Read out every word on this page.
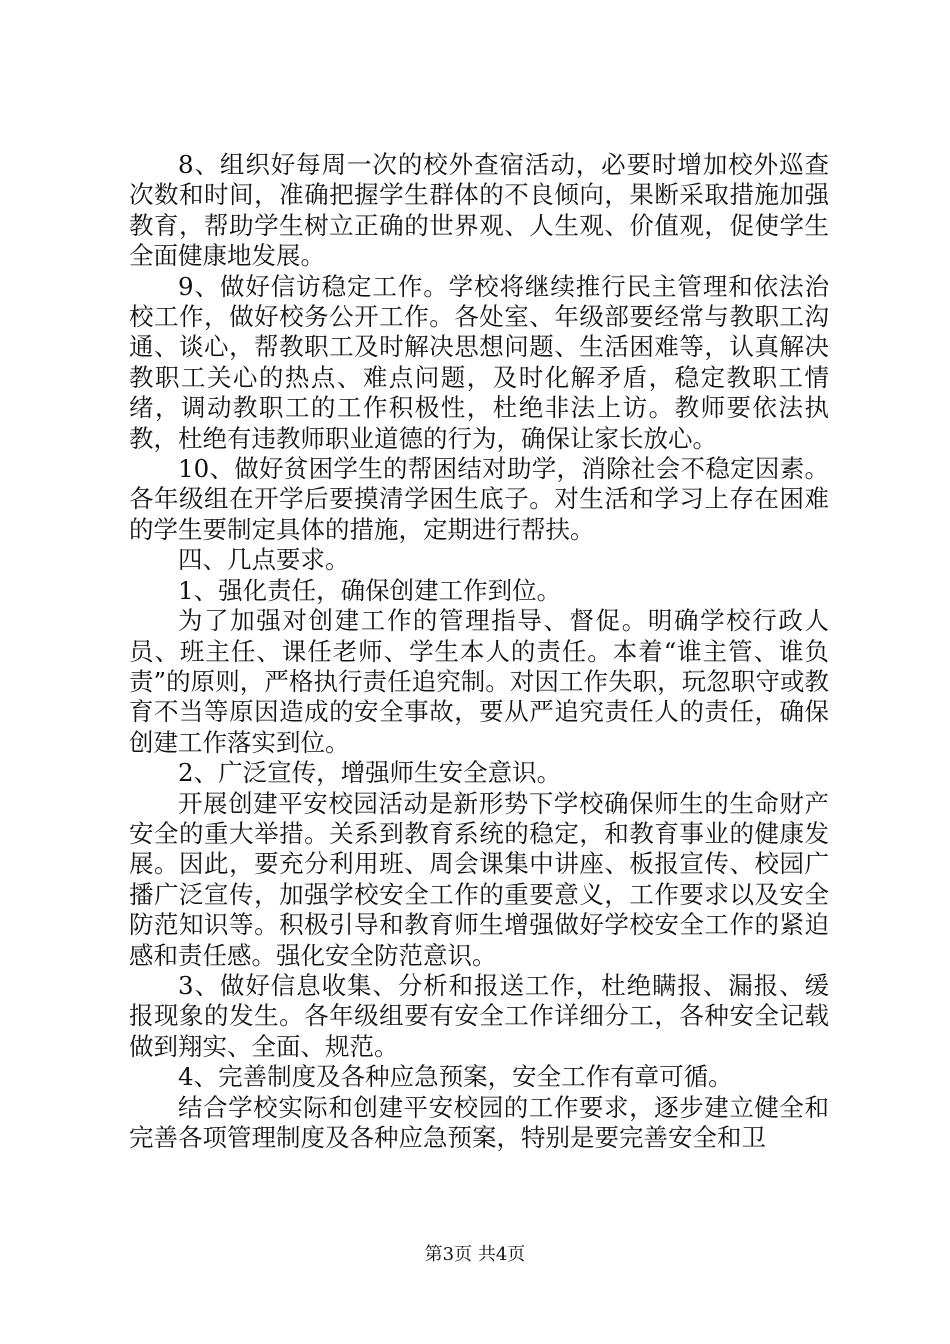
8、组织好每周一次的校外查宿活动，必要时增加校外巡查次数和时间，准确把握学生群体的不良倾向，果断采取措施加强教育，帮助学生树立正确的世界观、人生观、价值观，促使学生全面健康地发展。

9、做好信访稳定工作。学校将继续推行民主管理和依法治校工作，做好校务公开工作。各处室、年级部要经常与教职工沟通、谈心，帮教职工及时解决思想问题、生活困难等，认真解决教职工关心的热点、难点问题，及时化解矛盾，稳定教职工情绪，调动教职工的工作积极性，杜绝非法上访。教师要依法执教，杜绝有违教师职业道德的行为，确保让家长放心。

10、做好贫困学生的帮困结对助学，消除社会不稳定因素。各年级组在开学后要摸清学困生底子。对生活和学习上存在困难的学生要制定具体的措施，定期进行帮扶。

四、几点要求。

1、强化责任，确保创建工作到位。

为了加强对创建工作的管理指导、督促。明确学校行政人员、班主任、课任老师、学生本人的责任。本着“谁主管、谁负责”的原则，严格执行责任追究制。对因工作失职，玩忽职守或教育不当等原因造成的安全事故，要从严追究责任人的责任，确保创建工作落实到位。

2、广泛宣传，增强师生安全意识。

开展创建平安校园活动是新形势下学校确保师生的生命财产安全的重大举措。关系到教育系统的稳定，和教育事业的健康发展。因此，要充分利用班、周会课集中讲座、板报宣传、校园广播广泛宣传，加强学校安全工作的重要意义，工作要求以及安全防范知识等。积极引导和教育师生增强做好学校安全工作的紧迫感和责任感。强化安全防范意识。

3、做好信息收集、分析和报送工作，杜绝瞒报、漏报、缓报现象的发生。各年级组要有安全工作详细分工，各种安全记载做到翔实、全面、规范。

4、完善制度及各种应急预案，安全工作有章可循。

结合学校实际和创建平安校园的工作要求，逐步建立健全和完善各项管理制度及各种应急预案，特别是要完善安全和卫

第3页 共4页
